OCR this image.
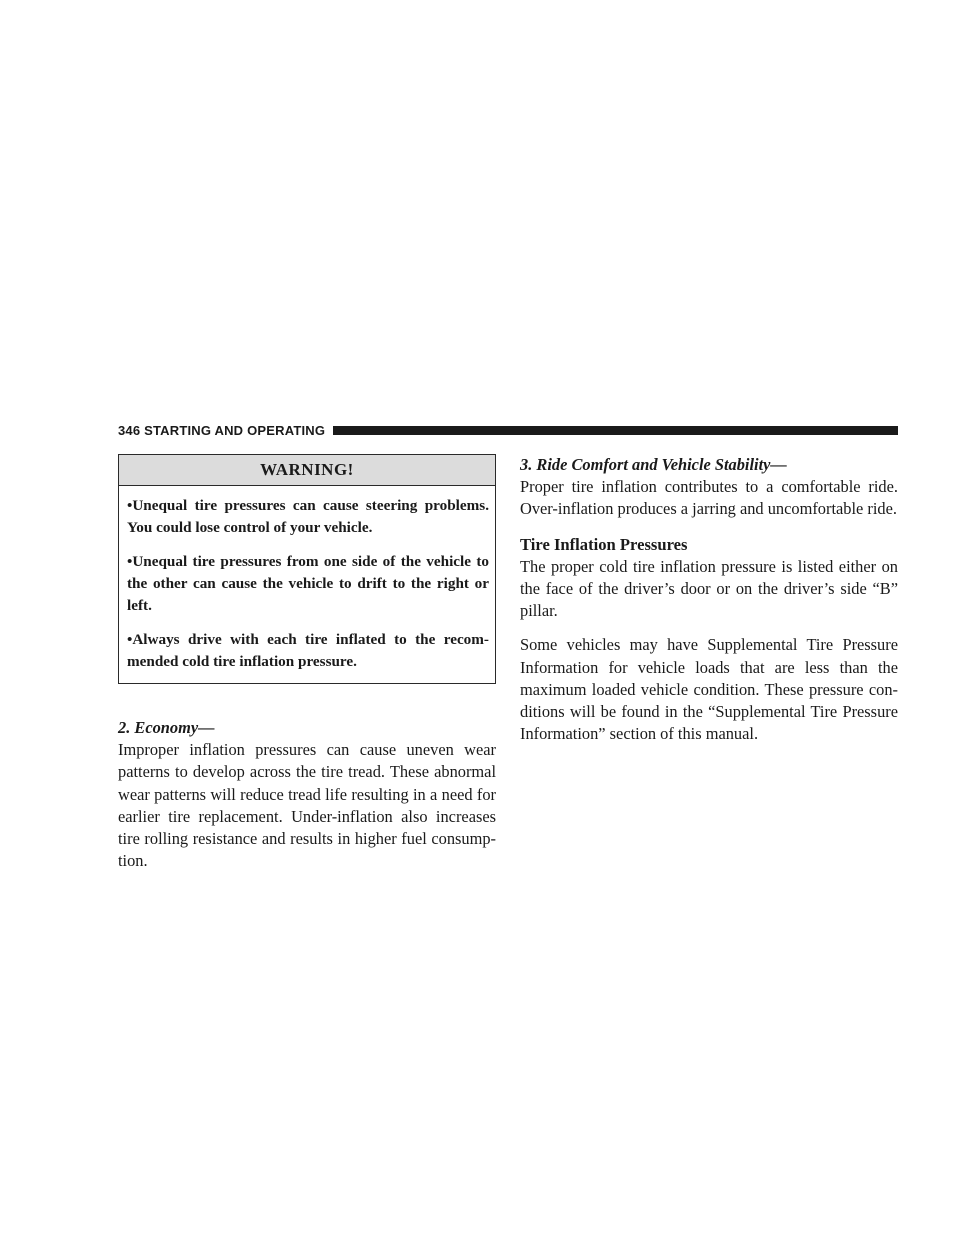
346 STARTING AND OPERATING
WARNING!

•Unequal tire pressures can cause steering problems. You could lose control of your vehicle.

•Unequal tire pressures from one side of the vehicle to the other can cause the vehicle to drift to the right or left.

•Always drive with each tire inflated to the recom- mended cold tire inflation pressure.

2. Economy—

Improper inflation pressures can cause uneven wear patterns to develop across the tire tread. These abnormal wear patterns will reduce tread life resulting in a need for earlier tire replacement. Under-inflation also increases tire rolling resistance and results in higher fuel consump- tion.

3. Ride Comfort and Vehicle Stability—

Proper tire inflation contributes to a comfortable ride. Over-inflation produces a jarring and uncomfortable ride.

Tire Inflation Pressures

The proper cold tire inflation pressure is listed either on the face of the driver’s door or on the driver’s side “B” pillar.

Some vehicles may have Supplemental Tire Pressure Information for vehicle loads that are less than the maximum loaded vehicle condition. These pressure con- ditions will be found in the “Supplemental Tire Pressure Information” section of this manual.
